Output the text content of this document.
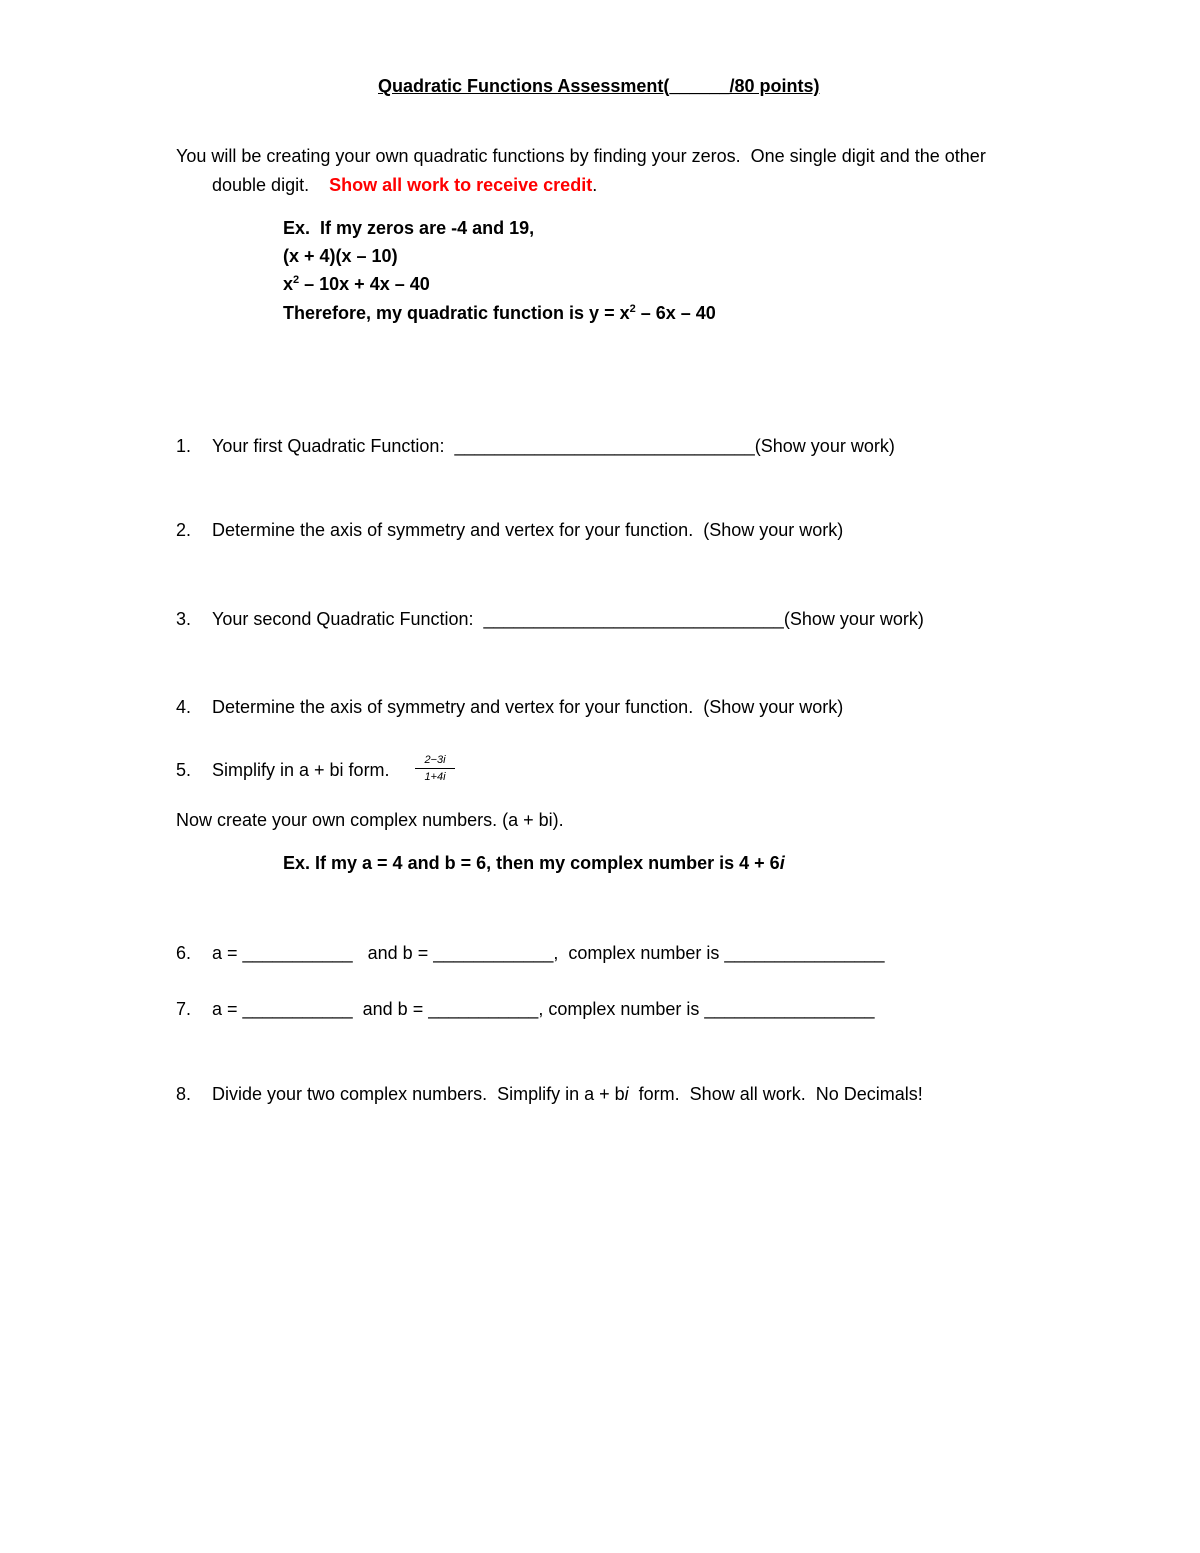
Quadratic Functions Assessment(______/80 points)
You will be creating your own quadratic functions by finding your zeros.  One single digit and the other
double digit. Show all work to receive credit.
Ex.  If my zeros are -4 and 19,
(x + 4)(x – 10)
$x^2 - 10x + 4x - 40$
Therefore, my quadratic function is $y = x^2 - 6x - 40$
1. Your first Quadratic Function:  ______________________________(Show your work)
2. Determine the axis of symmetry and vertex for your function.  (Show your work)
3. Your second Quadratic Function:  ______________________________(Show your work)
4. Determine the axis of symmetry and vertex for your function.  (Show your work)
5. Simplify in a + bi form. $\frac{2-3i}{1+4i}$
Now create your own complex numbers. (a + bi).
Ex. If my a = 4 and b = 6, then my complex number is 4 + 6i
6. a = ___________   and b = ____________,  complex number is ________________
7. a = ___________  and b = ___________, complex number is _________________
8. Divide your two complex numbers.  Simplify in a + bi  form.  Show all work.  No Decimals!
